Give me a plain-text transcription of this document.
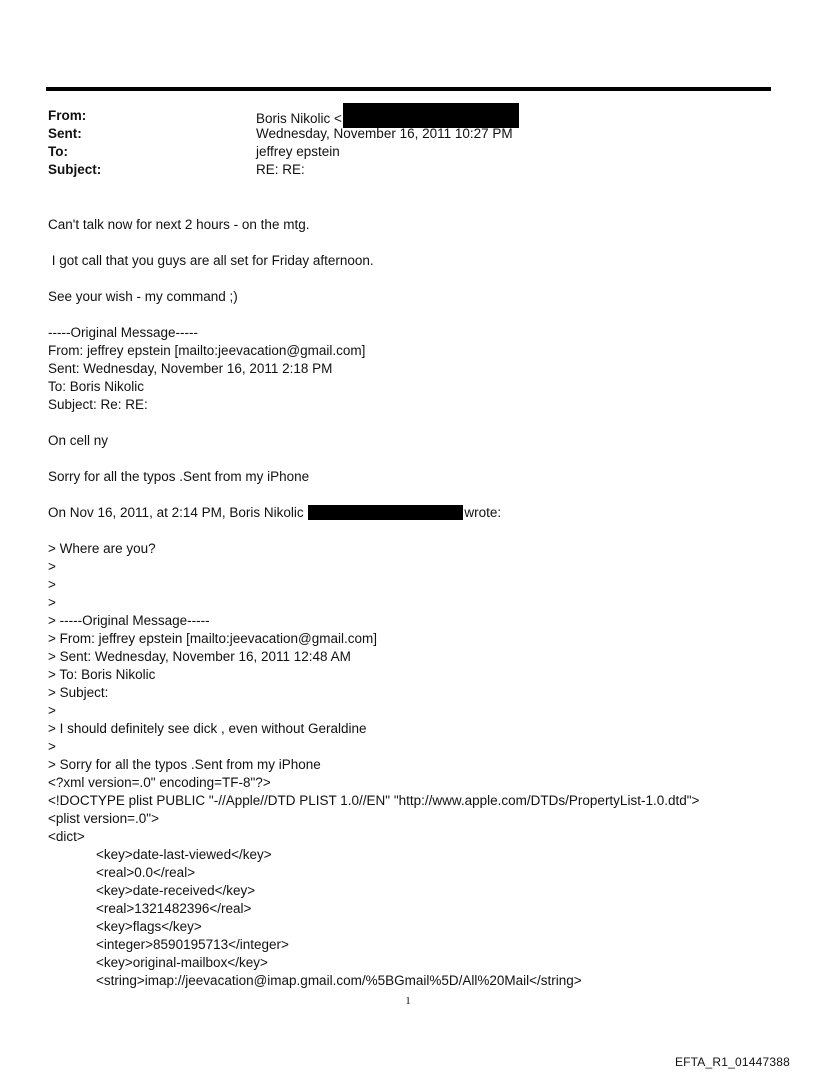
From:	Boris Nikolic <
Sent:	Wednesday, November 16, 2011 10:27 PM
To:	jeffrey epstein
Subject:	RE: RE:
Can't talk now for next 2 hours - on the mtg.
I got call that you guys are all set for Friday afternoon.
See your wish - my command ;)
-----Original Message-----
From: jeffrey epstein [mailto:jeevacation@gmail.com]
Sent: Wednesday, November 16, 2011 2:18 PM
To: Boris Nikolic
Subject: Re: RE:
On cell ny
Sorry for all the typos .Sent from my iPhone
On Nov 16, 2011, at 2:14 PM, Boris Nikolic	wrote:
> Where are you?
>
>
>
> -----Original Message-----
> From: jeffrey epstein [mailto:jeevacation@gmail.com]
> Sent: Wednesday, November 16, 2011 12:48 AM
> To: Boris Nikolic
> Subject:
>
> I should definitely see dick , even without Geraldine
>
> Sorry for all the typos .Sent from my iPhone
<?xml version=.0" encoding=TF-8"?>
<!DOCTYPE plist PUBLIC "-//Apple//DTD PLIST 1.0//EN" "http://www.apple.com/DTDs/PropertyList-1.0.dtd">
<plist version=.0">
<dict>
<key>date-last-viewed</key>
<real>0.0</real>
<key>date-received</key>
<real>1321482396</real>
<key>flags</key>
<integer>8590195713</integer>
<key>original-mailbox</key>
<string>imap://jeevacation@imap.gmail.com/%5BGmail%5D/All%20Mail</string>
1
EFTA_R1_01447388
